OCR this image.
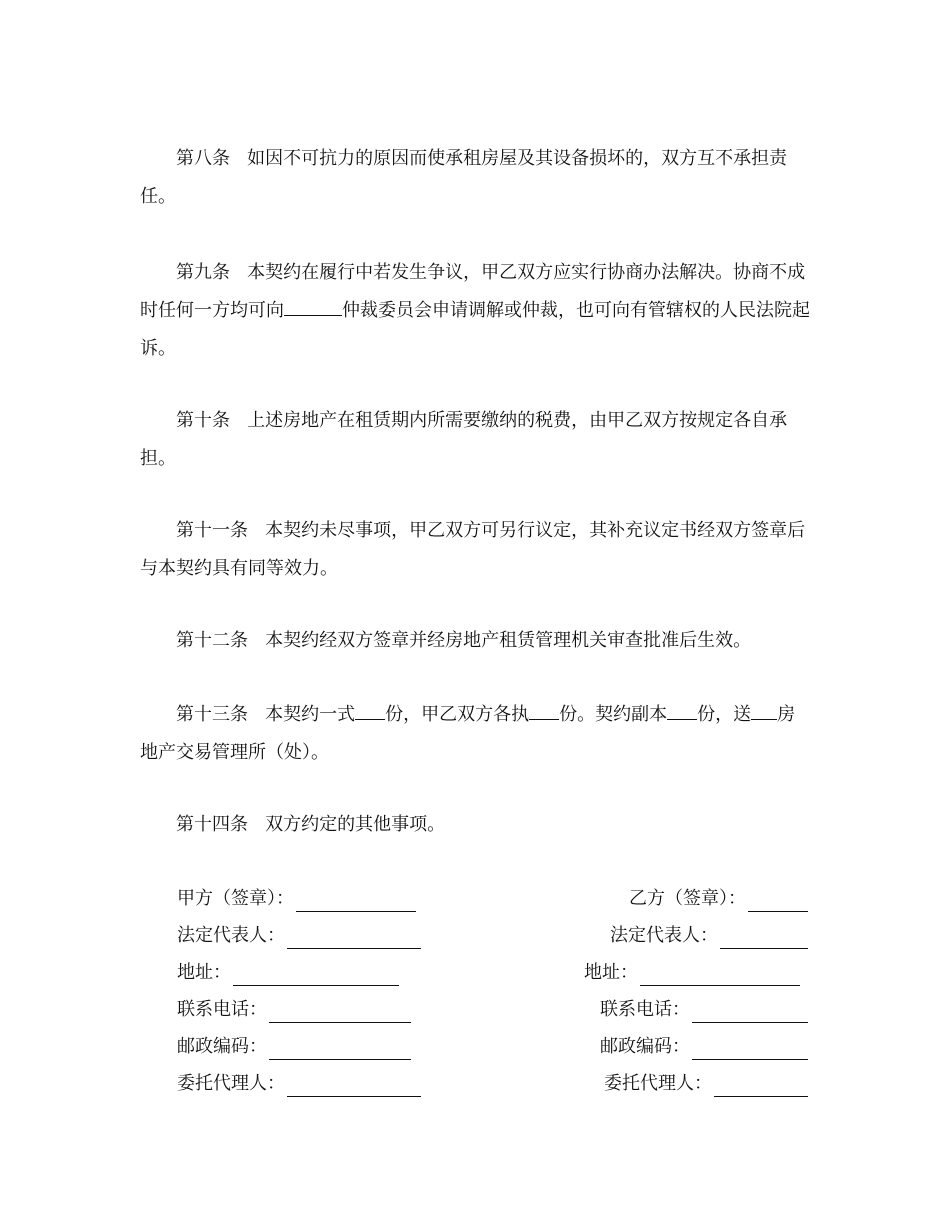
第八条 如因不可抗力的原因而使承租房屋及其设备损坏的，双方互不承担责任。

第九条 本契约在履行中若发生争议，甲乙双方应实行协商办法解决。协商不成时任何一方均可向	仲裁委员会申请调解或仲裁，也可向有管辖权的人民法院起诉。

第十条 上述房地产在租赁期内所需要缴纳的税费，由甲乙双方按规定各自承担。

第十一条 本契约未尽事项，甲乙双方可另行议定，其补充议定书经双方签章后与本契约具有同等效力。

第十二条 本契约经双方签章并经房地产租赁管理机关审查批准后生效。

第十三条 本契约一式 份，甲乙双方各执 份。契约副本 份，送 房地产交易管理所（处）。

第十四条 双方约定的其他事项。

甲方（签章）：
法定代表人：
地址：
联系电话：
邮政编码：
委托代理人：
乙方（签章）：
法定代表人：
地址：
联系电话：
邮政编码：
委托代理人：
